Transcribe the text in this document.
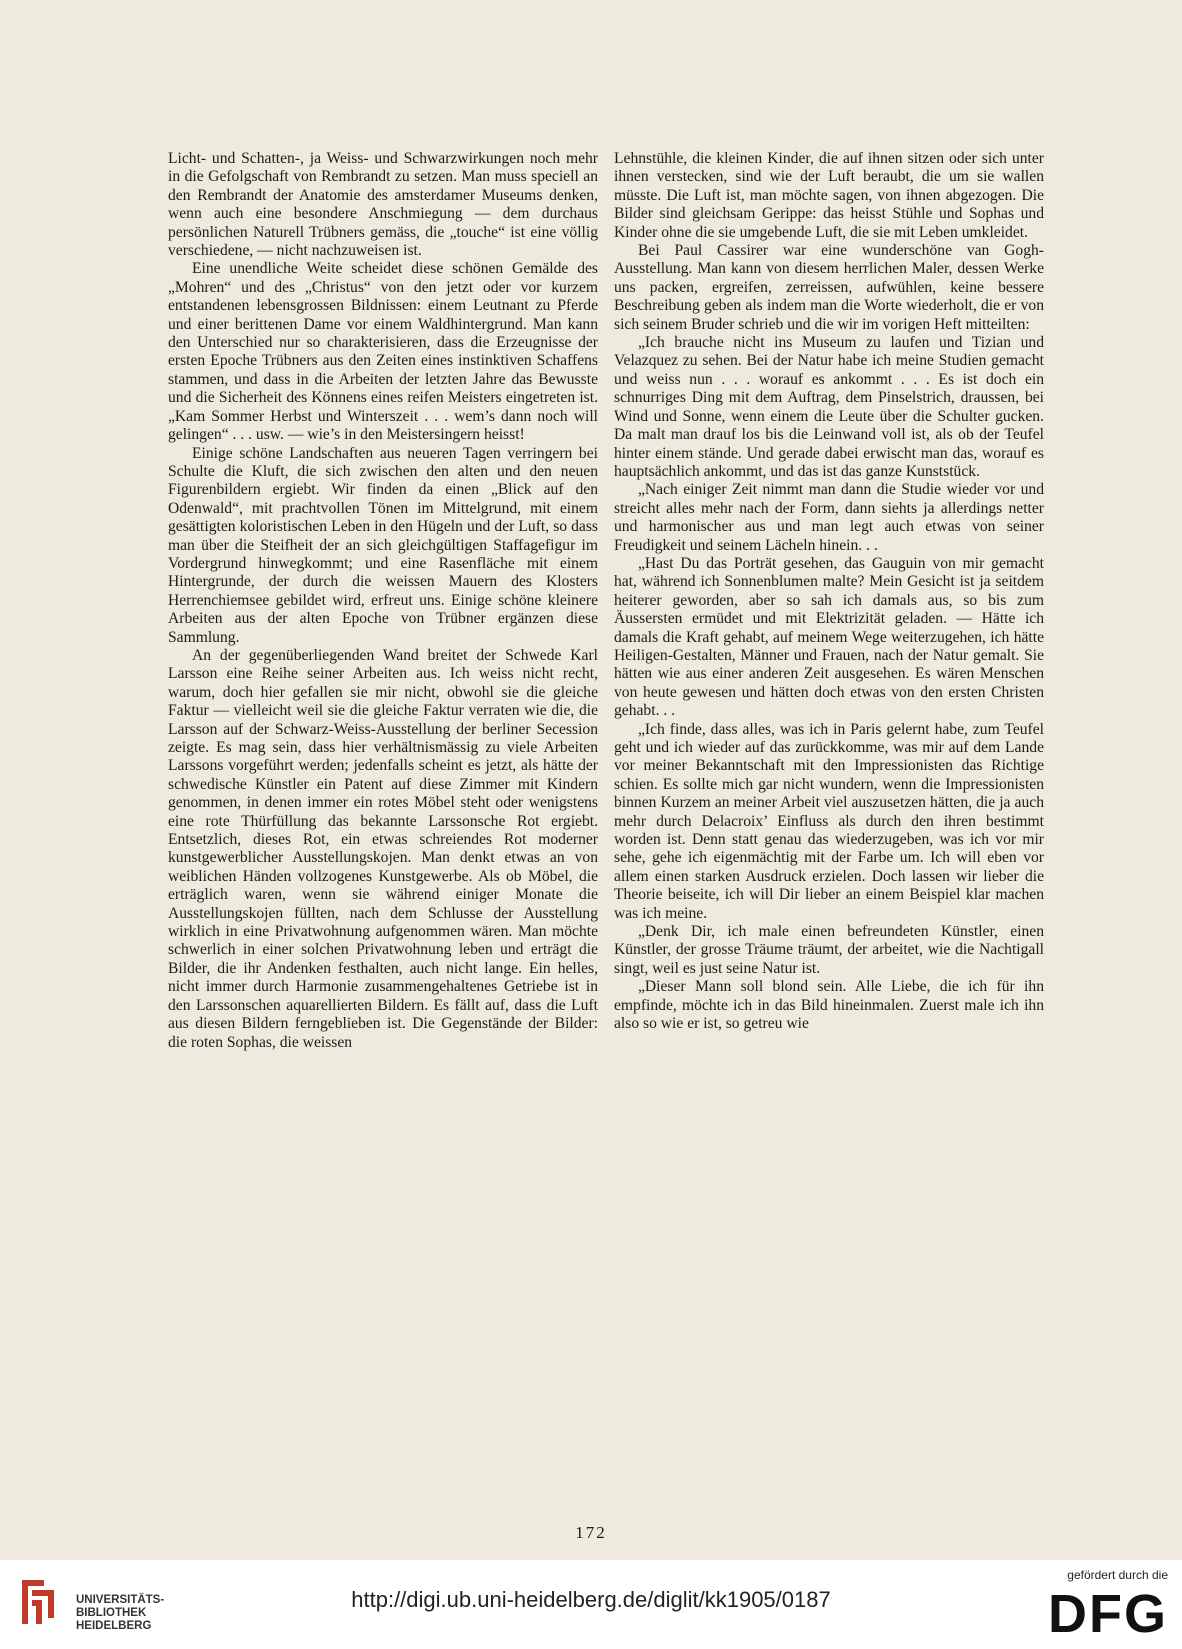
Licht- und Schatten-, ja Weiss- und Schwarzwirkungen noch mehr in die Gefolgschaft von Rembrandt zu setzen. Man muss speciell an den Rembrandt der Anatomie des amsterdamer Museums denken, wenn auch eine besondere Anschmiegung — dem durchaus persönlichen Naturell Trübners gemäss, die „touche“ ist eine völlig verschiedene, — nicht nachzuweisen ist.

Eine unendliche Weite scheidet diese schönen Gemälde des „Mohren“ und des „Christus“ von den jetzt oder vor kurzem entstandenen lebensgrossen Bildnissen: einem Leutnant zu Pferde und einer berittenen Dame vor einem Waldhintergrund. Man kann den Unterschied nur so charakterisieren, dass die Erzeugnisse der ersten Epoche Trübners aus den Zeiten eines instinktiven Schaffens stammen, und dass in die Arbeiten der letzten Jahre das Bewusste und die Sicherheit des Könnens eines reifen Meisters eingetreten ist. „Kam Sommer Herbst und Winterszeit . . . wem’s dann noch will gelingen“ . . . usw. — wie’s in den Meistersingern heisst!

Einige schöne Landschaften aus neueren Tagen verringern bei Schulte die Kluft, die sich zwischen den alten und den neuen Figurenbildern ergiebt. Wir finden da einen „Blick auf den Odenwald“, mit prachtvollen Tönen im Mittelgrund, mit einem gesättigten koloristischen Leben in den Hügeln und der Luft, so dass man über die Steifheit der an sich gleichgültigen Staffagefigur im Vordergrund hinwegkommt; und eine Rasenfläche mit einem Hintergrunde, der durch die weissen Mauern des Klosters Herrenchiemsee gebildet wird, erfreut uns. Einige schöne kleinere Arbeiten aus der alten Epoche von Trübner ergänzen diese Sammlung.

An der gegenüberliegenden Wand breitet der Schwede Karl Larsson eine Reihe seiner Arbeiten aus. Ich weiss nicht recht, warum, doch hier gefallen sie mir nicht, obwohl sie die gleiche Faktur — vielleicht weil sie die gleiche Faktur verraten wie die, die Larsson auf der Schwarz-Weiss-Ausstellung der berliner Secession zeigte. Es mag sein, dass hier verhältnismässig zu viele Arbeiten Larssons vorgeführt werden; jedenfalls scheint es jetzt, als hätte der schwedische Künstler ein Patent auf diese Zimmer mit Kindern genommen, in denen immer ein rotes Möbel steht oder wenigstens eine rote Thürfüllung das bekannte Larssonsche Rot ergiebt. Entsetzlich, dieses Rot, ein etwas schreiendes Rot moderner kunstgewerblicher Ausstellungskojen. Man denkt etwas an von weiblichen Händen vollzogenes Kunstgewerbe. Als ob Möbel, die erträglich waren, wenn sie während einiger Monate die Ausstellungskojen füllten, nach dem Schlusse der Ausstellung wirklich in eine Privatwohnung aufgenommen wären. Man möchte schwerlich in einer solchen Privatwohnung leben und erträgt die Bilder, die ihr Andenken festhalten, auch nicht lange. Ein helles, nicht immer durch Harmonie zusammengehaltenes Getriebe ist in den Larssonschen aquarellierten Bildern. Es fällt auf, dass die Luft aus diesen Bildern ferngeblieben ist. Die Gegenstände der Bilder: die roten Sophas, die weissen

Lehnstühle, die kleinen Kinder, die auf ihnen sitzen oder sich unter ihnen verstecken, sind wie der Luft beraubt, die um sie wallen müsste. Die Luft ist, man möchte sagen, von ihnen abgezogen. Die Bilder sind gleichsam Gerippe: das heisst Stühle und Sophas und Kinder ohne die sie umgebende Luft, die sie mit Leben umkleidet.

Bei Paul Cassirer war eine wunderschöne van Gogh-Ausstellung. Man kann von diesem herrlichen Maler, dessen Werke uns packen, ergreifen, zerreissen, aufwühlen, keine bessere Beschreibung geben als indem man die Worte wiederholt, die er von sich seinem Bruder schrieb und die wir im vorigen Heft mitteilten:

„Ich brauche nicht ins Museum zu laufen und Tizian und Velazquez zu sehen. Bei der Natur habe ich meine Studien gemacht und weiss nun . . . worauf es ankommt . . . Es ist doch ein schnurriges Ding mit dem Auftrag, dem Pinselstrich, draussen, bei Wind und Sonne, wenn einem die Leute über die Schulter gucken. Da malt man drauf los bis die Leinwand voll ist, als ob der Teufel hinter einem stände. Und gerade dabei erwischt man das, worauf es hauptsächlich ankommt, und das ist das ganze Kunststück.

„Nach einiger Zeit nimmt man dann die Studie wieder vor und streicht alles mehr nach der Form, dann siehts ja allerdings netter und harmonischer aus und man legt auch etwas von seiner Freudigkeit und seinem Lächeln hinein. . .

„Hast Du das Porträt gesehen, das Gauguin von mir gemacht hat, während ich Sonnenblumen malte? Mein Gesicht ist ja seitdem heiterer geworden, aber so sah ich damals aus, so bis zum Äussersten ermüdet und mit Elektrizität geladen. — Hätte ich damals die Kraft gehabt, auf meinem Wege weiterzugehen, ich hätte Heiligen-Gestalten, Männer und Frauen, nach der Natur gemalt. Sie hätten wie aus einer anderen Zeit ausgesehen. Es wären Menschen von heute gewesen und hätten doch etwas von den ersten Christen gehabt. . .

„Ich finde, dass alles, was ich in Paris gelernt habe, zum Teufel geht und ich wieder auf das zurückkomme, was mir auf dem Lande vor meiner Bekanntschaft mit den Impressionisten das Richtige schien. Es sollte mich gar nicht wundern, wenn die Impressionisten binnen Kurzem an meiner Arbeit viel auszusetzen hätten, die ja auch mehr durch Delacroix’ Einfluss als durch den ihren bestimmt worden ist. Denn statt genau das wiederzugeben, was ich vor mir sehe, gehe ich eigenmächtig mit der Farbe um. Ich will eben vor allem einen starken Ausdruck erzielen. Doch lassen wir lieber die Theorie beiseite, ich will Dir lieber an einem Beispiel klar machen was ich meine.

„Denk Dir, ich male einen befreundeten Künstler, einen Künstler, der grosse Träume träumt, der arbeitet, wie die Nachtigall singt, weil es just seine Natur ist.

„Dieser Mann soll blond sein. Alle Liebe, die ich für ihn empfinde, möchte ich in das Bild hineinmalen. Zuerst male ich ihn also so wie er ist, so getreu wie

172
UNIVERSITÄTS-
BIBLIOTHEK
HEIDELBERG
http://digi.ub.uni-heidelberg.de/diglit/kk1905/0187
gefördert durch die
DFG
